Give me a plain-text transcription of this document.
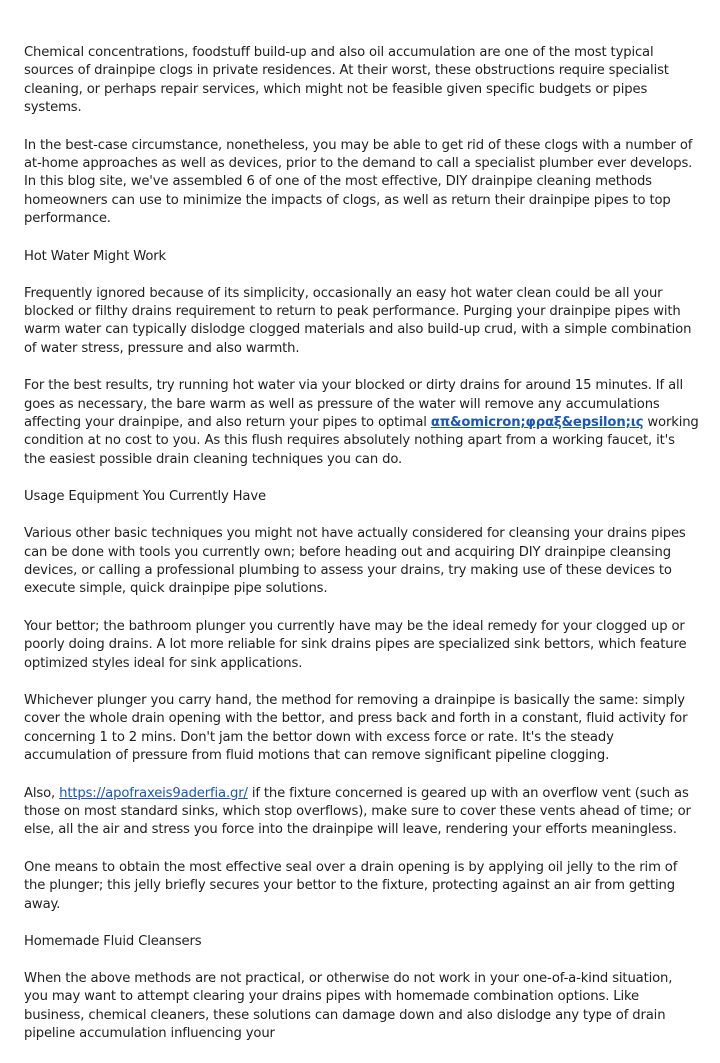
Chemical concentrations, foodstuff build-up and also oil accumulation are one of the most typical sources of drainpipe clogs in private residences. At their worst, these obstructions require specialist cleaning, or perhaps repair services, which might not be feasible given specific budgets or pipes systems.

In the best-case circumstance, nonetheless, you may be able to get rid of these clogs with a number of at-home approaches as well as devices, prior to the demand to call a specialist plumber ever develops. In this blog site, we've assembled 6 of one of the most effective, DIY drainpipe cleaning methods homeowners can use to minimize the impacts of clogs, as well as return their drainpipe pipes to top performance.

Hot Water Might Work

Frequently ignored because of its simplicity, occasionally an easy hot water clean could be all your blocked or filthy drains requirement to return to peak performance. Purging your drainpipe pipes with warm water can typically dislodge clogged materials and also build-up crud, with a simple combination of water stress, pressure and also warmth.

For the best results, try running hot water via your blocked or dirty drains for around 15 minutes. If all goes as necessary, the bare warm as well as pressure of the water will remove any accumulations affecting your drainpipe, and also return your pipes to optimal απ&omicron;φραξ&epsilon;ις working condition at no cost to you. As this flush requires absolutely nothing apart from a working faucet, it's the easiest possible drain cleaning techniques you can do.

Usage Equipment You Currently Have

Various other basic techniques you might not have actually considered for cleansing your drains pipes can be done with tools you currently own; before heading out and acquiring DIY drainpipe cleansing devices, or calling a professional plumbing to assess your drains, try making use of these devices to execute simple, quick drainpipe pipe solutions.

Your bettor; the bathroom plunger you currently have may be the ideal remedy for your clogged up or poorly doing drains. A lot more reliable for sink drains pipes are specialized sink bettors, which feature optimized styles ideal for sink applications.

Whichever plunger you carry hand, the method for removing a drainpipe is basically the same: simply cover the whole drain opening with the bettor, and press back and forth in a constant, fluid activity for concerning 1 to 2 mins. Don't jam the bettor down with excess force or rate. It's the steady accumulation of pressure from fluid motions that can remove significant pipeline clogging.

Also, https://apofraxeis9aderfia.gr/ if the fixture concerned is geared up with an overflow vent (such as those on most standard sinks, which stop overflows), make sure to cover these vents ahead of time; or else, all the air and stress you force into the drainpipe will leave, rendering your efforts meaningless.

One means to obtain the most effective seal over a drain opening is by applying oil jelly to the rim of the plunger; this jelly briefly secures your bettor to the fixture, protecting against an air from getting away.

Homemade Fluid Cleansers

When the above methods are not practical, or otherwise do not work in your one-of-a-kind situation, you may want to attempt clearing your drains pipes with homemade combination options. Like business, chemical cleaners, these solutions can damage down and also dislodge any type of drain pipeline accumulation influencing your
